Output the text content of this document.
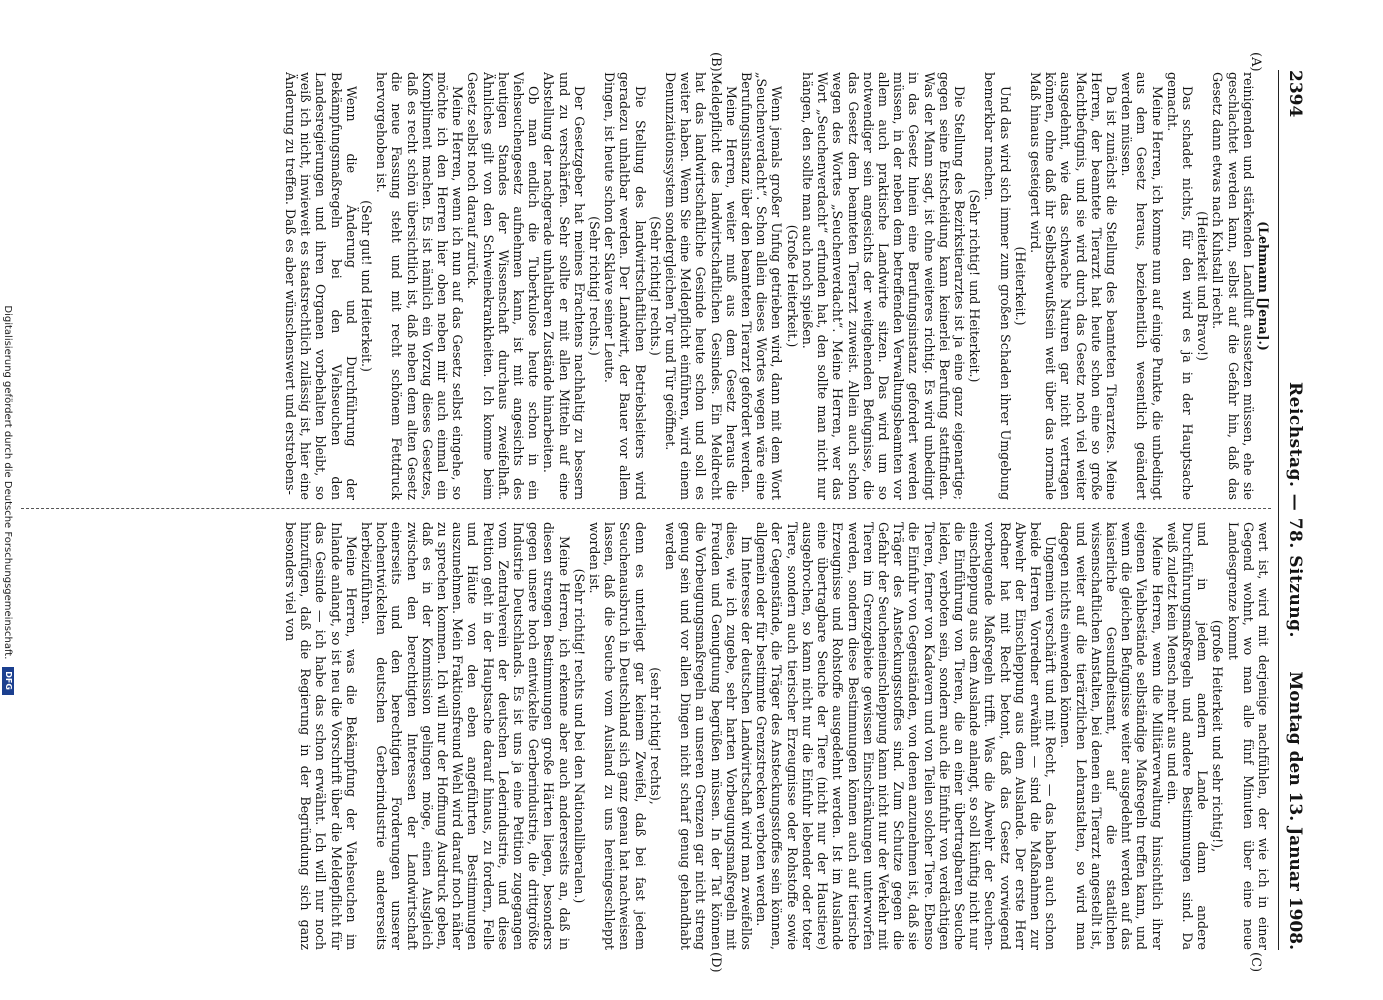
2394
Reichstag. — 78. Sitzung.
Montag den 13. Januar 1908.
(A)
(B)
(C)
(D)

(Lehmann [Jena].)

reinigenden und stärkenden Landluft aussetzen müssen, ehe sie geschlachtet werden kann, selbst auf die Gefahr hin, daß das Gesetz dann etwas nach Kuhstall riecht.

(Heiterkeit und Bravo!)

Das schadet nichts, für den wird es ja in der Hauptsache gemacht.

Meine Herren, ich komme nun auf einige Punkte, die unbedingt aus dem Gesetz heraus, beziehentlich wesentlich geändert werden müssen.

Da ist zunächst die Stellung des beamteten Tierarztes. Meine Herren, der beamtete Tierarzt hat heute schon eine so große Machtbefugnis, und sie wird durch das Gesetz noch viel weiter ausgedehnt, wie das schwache Naturen gar nicht vertragen können, ohne daß ihr Selbstbewußtsein weit über das normale Maß hinaus gesteigert wird.

(Heiterkeit.)

Und das wird sich immer zum großen Schaden ihrer Umgebung bemerkbar machen.

(Sehr richtig! und Heiterkeit.)

Die Stellung des Bezirkstierarztes ist ja eine ganz eigenartige; gegen seine Entscheidung kann keinerlei Berufung stattfinden. Was der Mann sagt, ist ohne weiteres richtig. Es wird unbedingt in das Gesetz hinein eine Berufungsinstanz gefordert werden müssen, in der neben dem betreffenden Verwaltungsbeamten vor allem auch praktische Landwirte sitzen. Das wird um so notwendiger sein angesichts der weitgehenden Befugnisse, die das Gesetz dem beamteten Tierarzt zuweist. Allein auch schon wegen des Wortes „Seuchenverdacht“. Meine Herren, wer das Wort „Seuchenverdacht“ erfunden hat, den sollte man nicht nur hängen, den sollte man auch noch spießen.

(Große Heiterkeit.)

Wenn jemals großer Unfug getrieben wird, dann mit dem Wort „Seuchenverdacht“. Schon allein dieses Wortes wegen wäre eine Berufungsinstanz über den beamteten Tierarzt gefordert werden.

Meine Herren, weiter muß aus dem Gesetz heraus die Meldepflicht des landwirtschaftlichen Gesindes. Ein Meldrecht hat das landwirtschaftliche Gesinde heute schon und soll es weiter haben. Wenn Sie eine Meldepflicht einführen, wird einem Denunziationssystem sondergleichen Tor und Tür geöffnet.

(Sehr richtig! rechts.)

Die Stellung des landwirtschaftlichen Betriebsleiters wird geradezu unhaltbar werden. Der Landwirt, der Bauer vor allem Dingen, ist heute schon der Sklave seiner Leute.

(Sehr richtig! rechts.)

Der Gesetzgeber hat meines Erachtens nachhaltig zu bessern und zu verschärfen. Sehr sollte er mit allen Mitteln auf eine Abstellung der nachgerade unhaltbaren Zustände hinarbeiten.

Ob man endlich die Tuberkulose heute schon in ein Viehseuchengesetz aufnehmen kann, ist mit angesichts des heutigen Standes der Wissenschaft durchaus zweifelhaft. Ähnliches gilt von den Schweinekrankheiten. Ich komme beim Gesetz selbst noch darauf zurück.

Meine Herren, wenn ich nun auf das Gesetz selbst eingehe, so möchte ich den Herren hier oben neben mir auch einmal ein Kompliment machen. Es ist nämlich ein Vorzug dieses Gesetzes, daß es recht schön übersichtlich ist, daß neben dem alten Gesetz die neue Fassung steht und mit recht schönem Fettdruck hervorgehoben ist.

(Sehr gut! und Heiterkeit.)

Wenn die Änderung und Durchführung der Bekämpfungsmaßregeln bei den Viehseuchen den Landesregierungen und ihren Organen vorbehalten bleibt, so weiß ich nicht, inwieweit es staatsrechtlich zulässig ist, hier eine Änderung zu treffen. Daß es aber wünschenswert und erstrebens-

wert ist, wird mit derjenige nachfühlen, der wie ich in einer Gegend wohnt, wo man alle fünf Minuten über eine neue Landesgrenze kommt

(große Heiterkeit und sehr richtig!),

und in jedem andern Lande dann andere Durchführungsmaßregeln und andere Bestimmungen sind. Da weiß zuletzt kein Mensch mehr aus und ein.

Meine Herren, wenn die Militärverwaltung hinsichtlich ihrer eigenen Viehbestände selbständige Maßregeln treffen kann, und wenn die gleichen Befugnisse weiter ausgedehnt werden auf das kaiserliche Gesundheitsamt, auf die staatlichen wissenschaftlichen Anstalten, bei denen ein Tierarzt angestellt ist, und weiter auf die tierärztlichen Lehranstalten, so wird man dagegen nichts einwenden können.

Ungemein verschärft und mit Recht, — das haben auch schon beide Herren Vorredner erwähnt — sind die Maßnahmen zur Abwehr der Einschleppung aus dem Auslande. Der erste Herr Redner hat mit Recht betont, daß das Gesetz vorwiegend vorbeugende Maßregeln trifft. Was die Abwehr der Seuchen-einschleppung aus dem Auslande anlangt, so soll künftig nicht nur die Einführung von Tieren, die an einer übertragbaren Seuche leiden, verboten sein, sondern auch die Einfuhr von verdächtigen Tieren, ferner von Kadavern und von Teilen solcher Tiere. Ebenso die Einfuhr von Gegenständen, von denen anzunehmen ist, daß sie Träger des Ansteckungsstoffes sind. Zum Schutze gegen die Gefahr der Seucheneinschleppung kann nicht nur der Verkehr mit Tieren im Grenzgebiete gewissen Einschränkungen unterworfen werden, sondern diese Bestimmungen können auch auf tierische Erzeugnisse und Rohstoffe ausgedehnt werden. Ist im Auslande eine übertragbare Seuche der Tiere (nicht nur der Haustiere) ausgebrochen, so kann nicht nur die Einfuhr lebender oder toter Tiere, sondern auch tierischer Erzeugnisse oder Rohstoffe sowie der Gegenstände, die Träger des Ansteckungsstoffes sein können, allgemein oder für bestimmte Grenzstrecken verboten werden.

Im Interesse der deutschen Landwirtschaft wird man zweifellos diese, wie ich zugebe, sehr harten Vorbeugungsmaßregeln mit Freuden und Genugtuung begrüßen müssen. In der Tat können die Vorbeugungsmaßregeln an unseren Grenzen gar nicht streng genug sein und vor allen Dingen nicht scharf genug gehandhabt werden

(sehr richtig! rechts),

denn es unterliegt gar keinem Zweifel, daß bei fast jedem Seuchenausbruch in Deutschland sich ganz genau hat nachweisen lassen, daß die Seuche vom Ausland zu uns hereingeschleppt worden ist.

(Sehr richtig! rechts und bei den Nationalliberalen.)

Meine Herren, ich erkenne aber auch andererseits an, daß in diesen strengen Bestimmungen große Härten liegen, besonders gegen unsere hoch entwickelte Gerberindustrie, die drittgrößte Industrie Deutschlands. Es ist uns ja eine Petition zugegangen vom Zentralverein der deutschen Lederindustrie, und diese Petition geht in der Hauptsache darauf hinaus, zu fordern, Felle und Häute von den eben angeführten Bestimmungen auszunehmen. Mein Fraktionsfreund Wehl wird darauf noch näher zu sprechen kommen. Ich will nur der Hoffnung Ausdruck geben, daß es in der Kommission gelingen möge, einen Ausgleich zwischen den berechtigten Interessen der Landwirtschaft einerseits und den berechtigten Forderungen unserer hochentwickelten deutschen Gerberindustrie andererseits herbeizuführen.

Meine Herren, was die Bekämpfung der Viehseuchen im Inlande anlangt, so ist neu die Vorschrift über die Meldepflicht für das Gesinde — ich habe das schon erwähnt. Ich will nur noch hinzufügen, daß die Regierung in der Begründung sich ganz besonders viel von

Digitalisierung gefördert durch die Deutsche Forschungsgemeinschaft. DFG
